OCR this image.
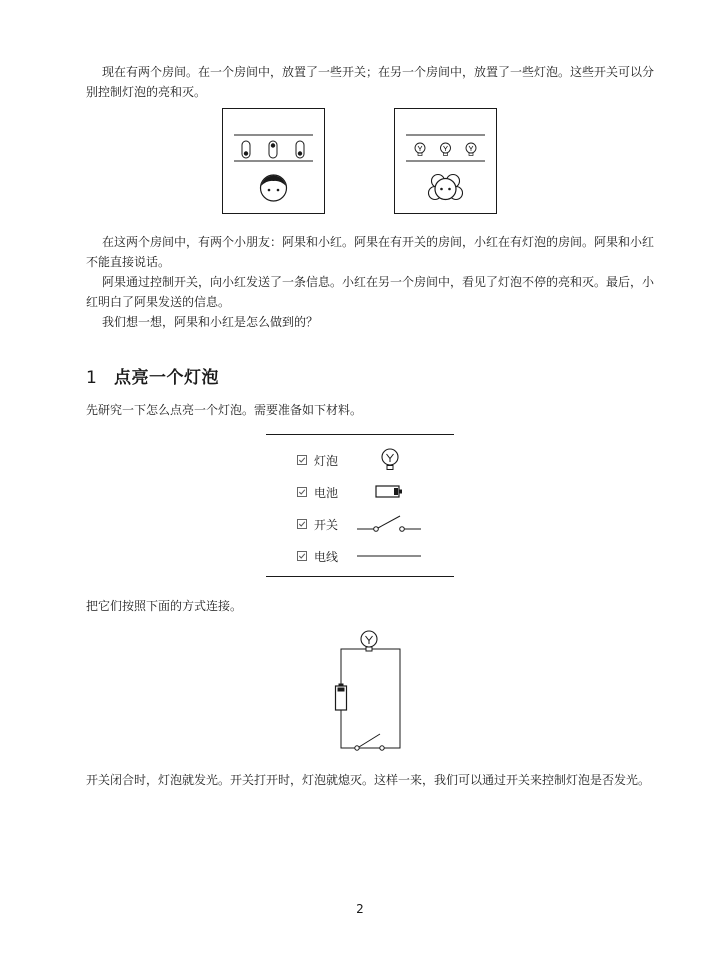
现在有两个房间。在一个房间中，放置了一些开关；在另一个房间中，放置了一些灯泡。这些开关可以分别控制灯泡的亮和灭。

在这两个房间中，有两个小朋友：阿果和小红。阿果在有开关的房间，小红在有灯泡的房间。阿果和小红不能直接说话。

阿果通过控制开关，向小红发送了一条信息。小红在另一个房间中，看见了灯泡不停的亮和灭。最后，小红明白了阿果发送的信息。

我们想一想，阿果和小红是怎么做到的？

1 点亮一个灯泡

先研究一下怎么点亮一个灯泡。需要准备如下材料。

灯泡
电池
开关
电线

把它们按照下面的方式连接。

开关闭合时，灯泡就发光。开关打开时，灯泡就熄灭。这样一来，我们可以通过开关来控制灯泡是否发光。

2
